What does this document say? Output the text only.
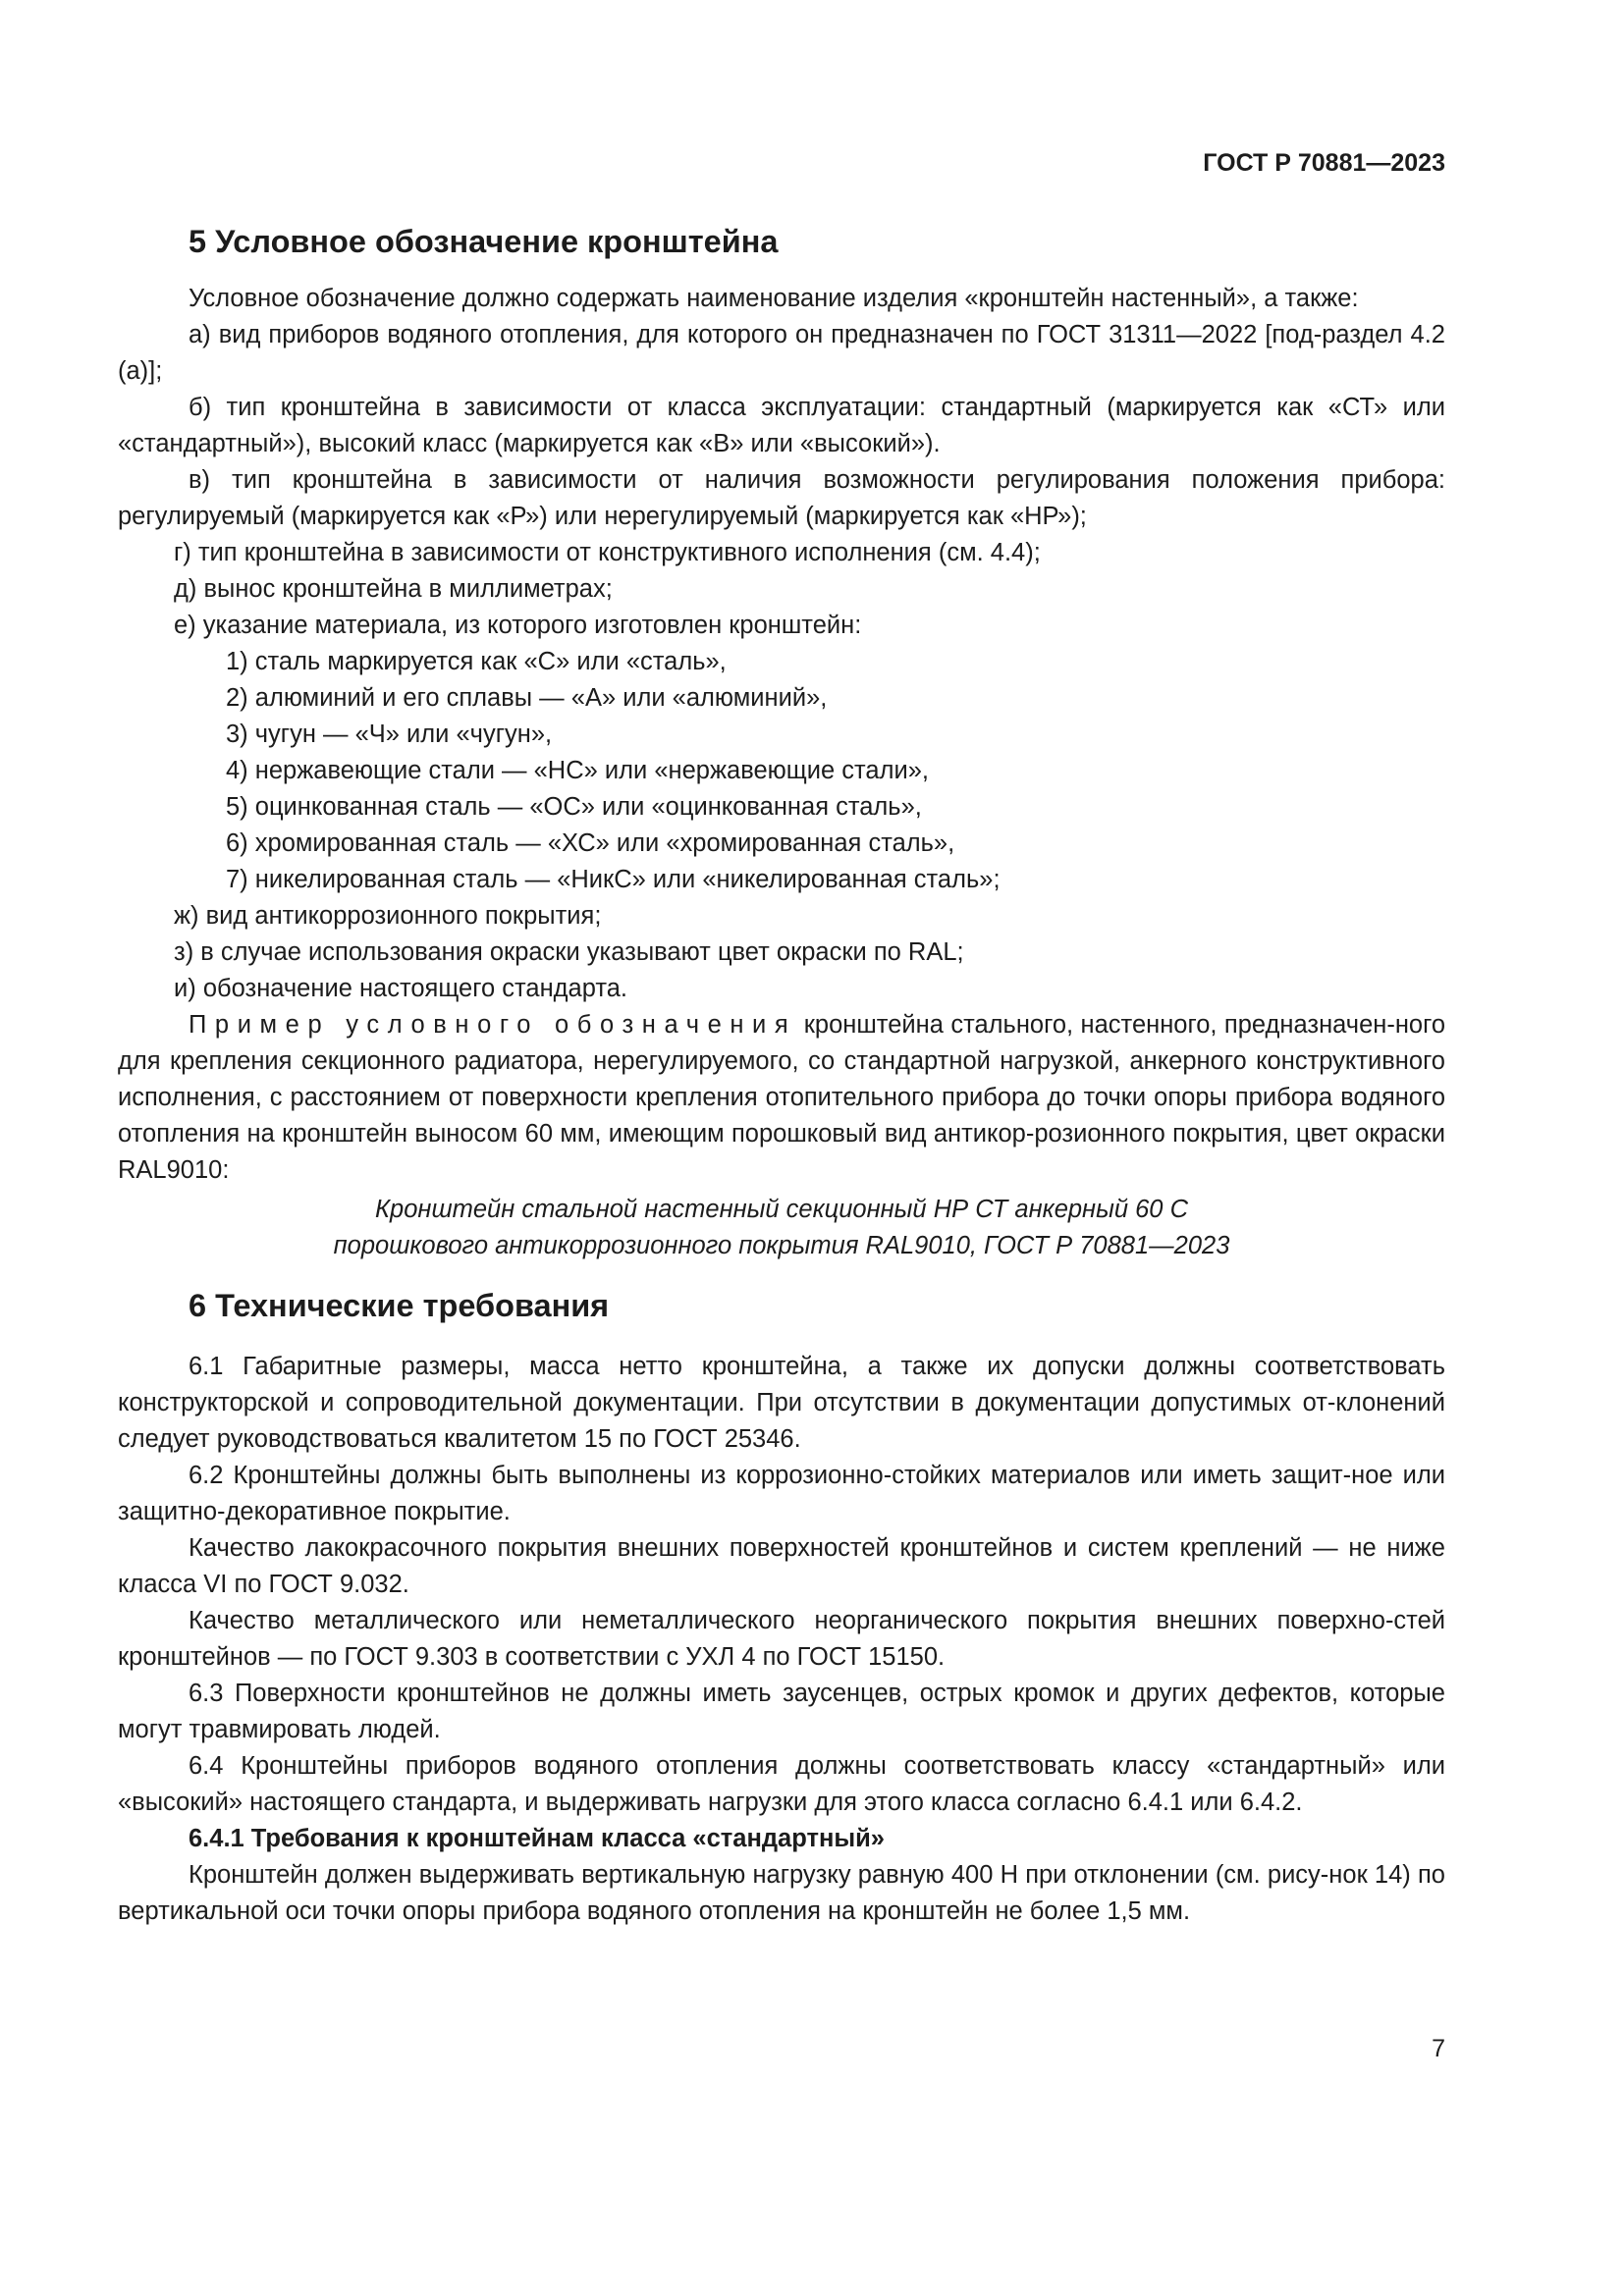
ГОСТ Р 70881—2023
5 Условное обозначение кронштейна

Условное обозначение должно содержать наименование изделия «кронштейн настенный», а также:

а) вид приборов водяного отопления, для которого он предназначен по ГОСТ 31311—2022 [под-раздел 4.2 (а)];

б) тип кронштейна в зависимости от класса эксплуатации: стандартный (маркируется как «СТ» или «стандартный»), высокий класс (маркируется как «В» или «высокий»).

в) тип кронштейна в зависимости от наличия возможности регулирования положения прибора: регулируемый (маркируется как «Р») или нерегулируемый (маркируется как «НР»);

г) тип кронштейна в зависимости от конструктивного исполнения (см. 4.4);

д) вынос кронштейна в миллиметрах;

е) указание материала, из которого изготовлен кронштейн:

1) сталь маркируется как «С» или «сталь»,

2) алюминий и его сплавы — «А» или «алюминий»,

3) чугун — «Ч» или «чугун»,

4) нержавеющие стали — «НС» или «нержавеющие стали»,

5) оцинкованная сталь — «ОС» или «оцинкованная сталь»,

6) хромированная сталь — «ХС» или «хромированная сталь»,

7) никелированная сталь — «НикС» или «никелированная сталь»;

ж) вид антикоррозионного покрытия;

з) в случае использования окраски указывают цвет окраски по RAL;

и) обозначение настоящего стандарта.

Пример условного обозначения кронштейна стального, настенного, предназначен-ного для крепления секционного радиатора, нерегулируемого, со стандартной нагрузкой, анкерного конструктивного исполнения, с расстоянием от поверхности крепления отопительного прибора до точки опоры прибора водяного отопления на кронштейн выносом 60 мм, имеющим порошковый вид антикор-розионного покрытия, цвет окраски RAL9010:

Кронштейн стальной настенный секционный НР СТ анкерный 60 С

порошкового антикоррозионного покрытия RAL9010, ГОСТ Р 70881—2023

6 Технические требования

6.1 Габаритные размеры, масса нетто кронштейна, а также их допуски должны соответствовать конструкторской и сопроводительной документации. При отсутствии в документации допустимых от-клонений следует руководствоваться квалитетом 15 по ГОСТ 25346.

6.2 Кронштейны должны быть выполнены из коррозионно-стойких материалов или иметь защит-ное или защитно-декоративное покрытие.

Качество лакокрасочного покрытия внешних поверхностей кронштейнов и систем креплений — не ниже класса VI по ГОСТ 9.032.

Качество металлического или неметаллического неорганического покрытия внешних поверхно-стей кронштейнов — по ГОСТ 9.303 в соответствии с УХЛ 4 по ГОСТ 15150.

6.3 Поверхности кронштейнов не должны иметь заусенцев, острых кромок и других дефектов, которые могут травмировать людей.

6.4 Кронштейны приборов водяного отопления должны соответствовать классу «стандартный» или «высокий» настоящего стандарта, и выдерживать нагрузки для этого класса согласно 6.4.1 или 6.4.2.

6.4.1 Требования к кронштейнам класса «стандартный»

Кронштейн должен выдерживать вертикальную нагрузку равную 400 Н при отклонении (см. рису-нок 14) по вертикальной оси точки опоры прибора водяного отопления на кронштейн не более 1,5 мм.

7
